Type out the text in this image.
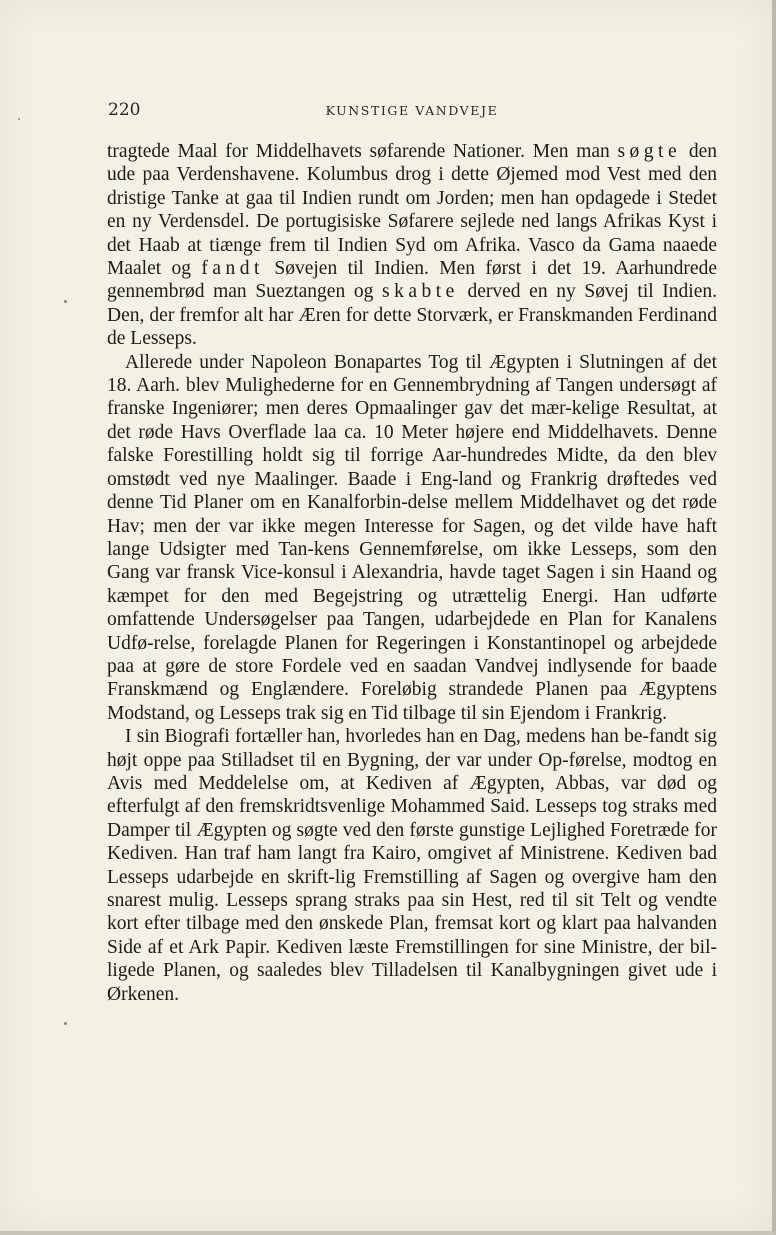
220	KUNSTIGE VANDVEJE

tragtede Maal for Middelhavets søfarende Nationer. Men man søgte den ude paa Verdenshavene. Kolumbus drog i dette Øjemed mod Vest med den dristige Tanke at gaa til Indien rundt om Jorden; men han opdagede i Stedet en ny Verdensdel. De portugisiske Søfarere sejlede ned langs Afrikas Kyst i det Haab at tiænge frem til Indien Syd om Afrika. Vasco da Gama naaede Maalet og fandt Søvejen til Indien. Men først i det 19. Aarhundrede gennembrød man Sueztangen og skabte derved en ny Søvej til Indien. Den, der fremfor alt har Æren for dette Storværk, er Franskmanden Ferdinand de Lesseps.

Allerede under Napoleon Bonapartes Tog til Ægypten i Slutningen af det 18. Aarh. blev Mulighederne for en Gennembrydning af Tangen undersøgt af franske Ingeniører; men deres Opmaalinger gav det mær-kelige Resultat, at det røde Havs Overflade laa ca. 10 Meter højere end Middelhavets. Denne falske Forestilling holdt sig til forrige Aar-hundredes Midte, da den blev omstødt ved nye Maalinger. Baade i Eng-land og Frankrig drøftedes ved denne Tid Planer om en Kanalforbin-delse mellem Middelhavet og det røde Hav; men der var ikke megen Interesse for Sagen, og det vilde have haft lange Udsigter med Tan-kens Gennemførelse, om ikke Lesseps, som den Gang var fransk Vice-konsul i Alexandria, havde taget Sagen i sin Haand og kæmpet for den med Begejstring og utrættelig Energi. Han udførte omfattende Undersøgelser paa Tangen, udarbejdede en Plan for Kanalens Udfø-relse, forelagde Planen for Regeringen i Konstantinopel og arbejdede paa at gøre de store Fordele ved en saadan Vandvej indlysende for baade Franskmænd og Englændere. Foreløbig strandede Planen paa Ægyptens Modstand, og Lesseps trak sig en Tid tilbage til sin Ejendom i Frankrig.

I sin Biografi fortæller han, hvorledes han en Dag, medens han be-fandt sig højt oppe paa Stilladset til en Bygning, der var under Op-førelse, modtog en Avis med Meddelelse om, at Kediven af Ægypten, Abbas, var død og efterfulgt af den fremskridtsvenlige Mohammed Said. Lesseps tog straks med Damper til Ægypten og søgte ved den første gunstige Lejlighed Foretræde for Kediven. Han traf ham langt fra Kairo, omgivet af Ministrene. Kediven bad Lesseps udarbejde en skrift-lig Fremstilling af Sagen og overgive ham den snarest mulig. Lesseps sprang straks paa sin Hest, red til sit Telt og vendte kort efter tilbage med den ønskede Plan, fremsat kort og klart paa halvanden Side af et Ark Papir. Kediven læste Fremstillingen for sine Ministre, der bil-ligede Planen, og saaledes blev Tilladelsen til Kanalbygningen givet ude i Ørkenen.
